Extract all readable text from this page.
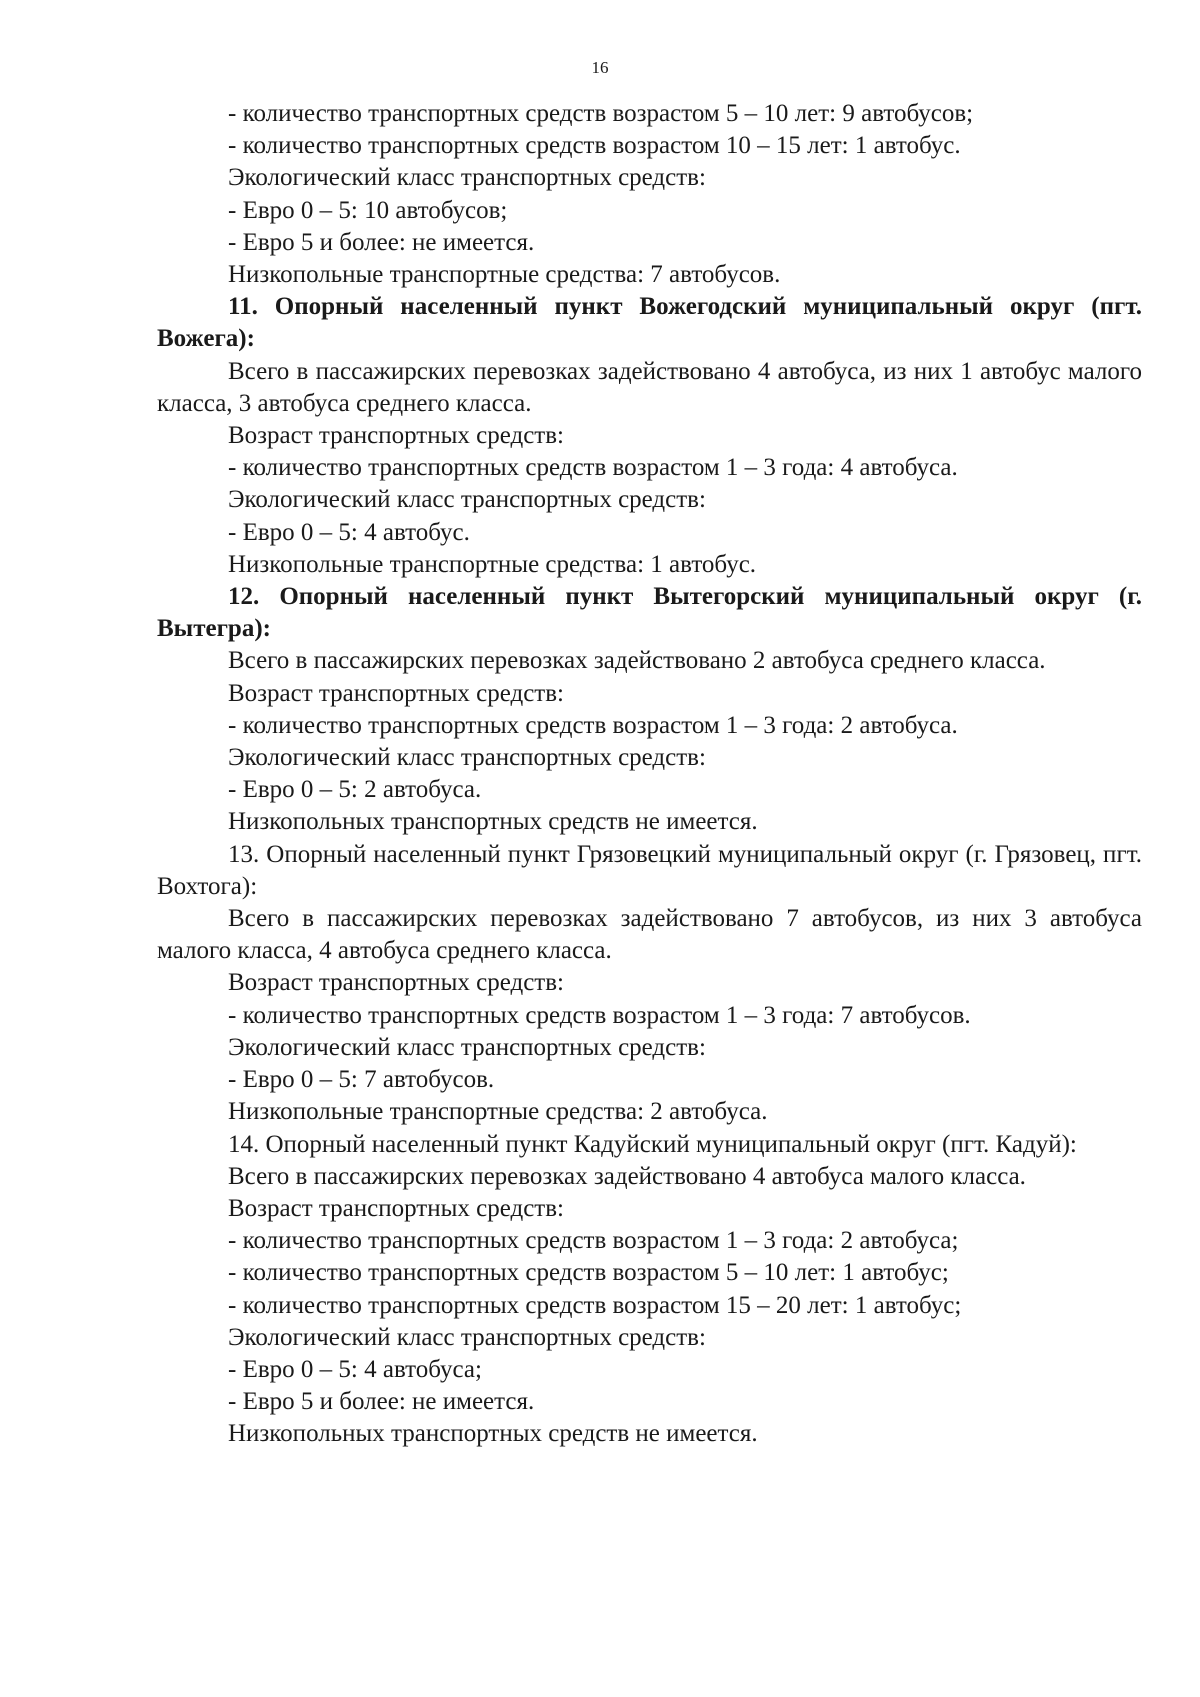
16

- количество транспортных средств возрастом 5 – 10 лет: 9 автобусов;

- количество транспортных средств возрастом 10 – 15 лет: 1 автобус.

Экологический класс транспортных средств:

- Евро 0 – 5: 10 автобусов;

- Евро 5 и более: не имеется.

Низкопольные транспортные средства: 7 автобусов.

11. Опорный населенный пункт Вожегодский муниципальный округ (пгт. Вожега):

Всего в пассажирских перевозках задействовано 4 автобуса, из них 1 автобус малого класса, 3 автобуса среднего класса.

Возраст транспортных средств:

- количество транспортных средств возрастом 1 – 3 года: 4 автобуса.

Экологический класс транспортных средств:

- Евро 0 – 5: 4 автобус.

Низкопольные транспортные средства: 1 автобус.

12. Опорный населенный пункт Вытегорский муниципальный округ (г. Вытегра):

Всего в пассажирских перевозках задействовано 2 автобуса среднего класса.

Возраст транспортных средств:

- количество транспортных средств возрастом 1 – 3 года: 2 автобуса.

Экологический класс транспортных средств:

- Евро 0 – 5: 2 автобуса.

Низкопольных транспортных средств не имеется.

13. Опорный населенный пункт Грязовецкий муниципальный округ (г. Грязовец, пгт. Вохтога):

Всего в пассажирских перевозках задействовано 7 автобусов, из них 3 автобуса малого класса, 4 автобуса среднего класса.

Возраст транспортных средств:

- количество транспортных средств возрастом 1 – 3 года: 7 автобусов.

Экологический класс транспортных средств:

- Евро 0 – 5: 7 автобусов.

Низкопольные транспортные средства: 2 автобуса.

14. Опорный населенный пункт Кадуйский муниципальный округ (пгт. Кадуй):

Всего в пассажирских перевозках задействовано 4 автобуса малого класса.

Возраст транспортных средств:

- количество транспортных средств возрастом 1 – 3 года: 2 автобуса;

- количество транспортных средств возрастом 5 – 10 лет: 1 автобус;

- количество транспортных средств возрастом 15 – 20 лет: 1 автобус;

Экологический класс транспортных средств:

- Евро 0 – 5: 4 автобуса;

- Евро 5 и более: не имеется.

Низкопольных транспортных средств не имеется.
